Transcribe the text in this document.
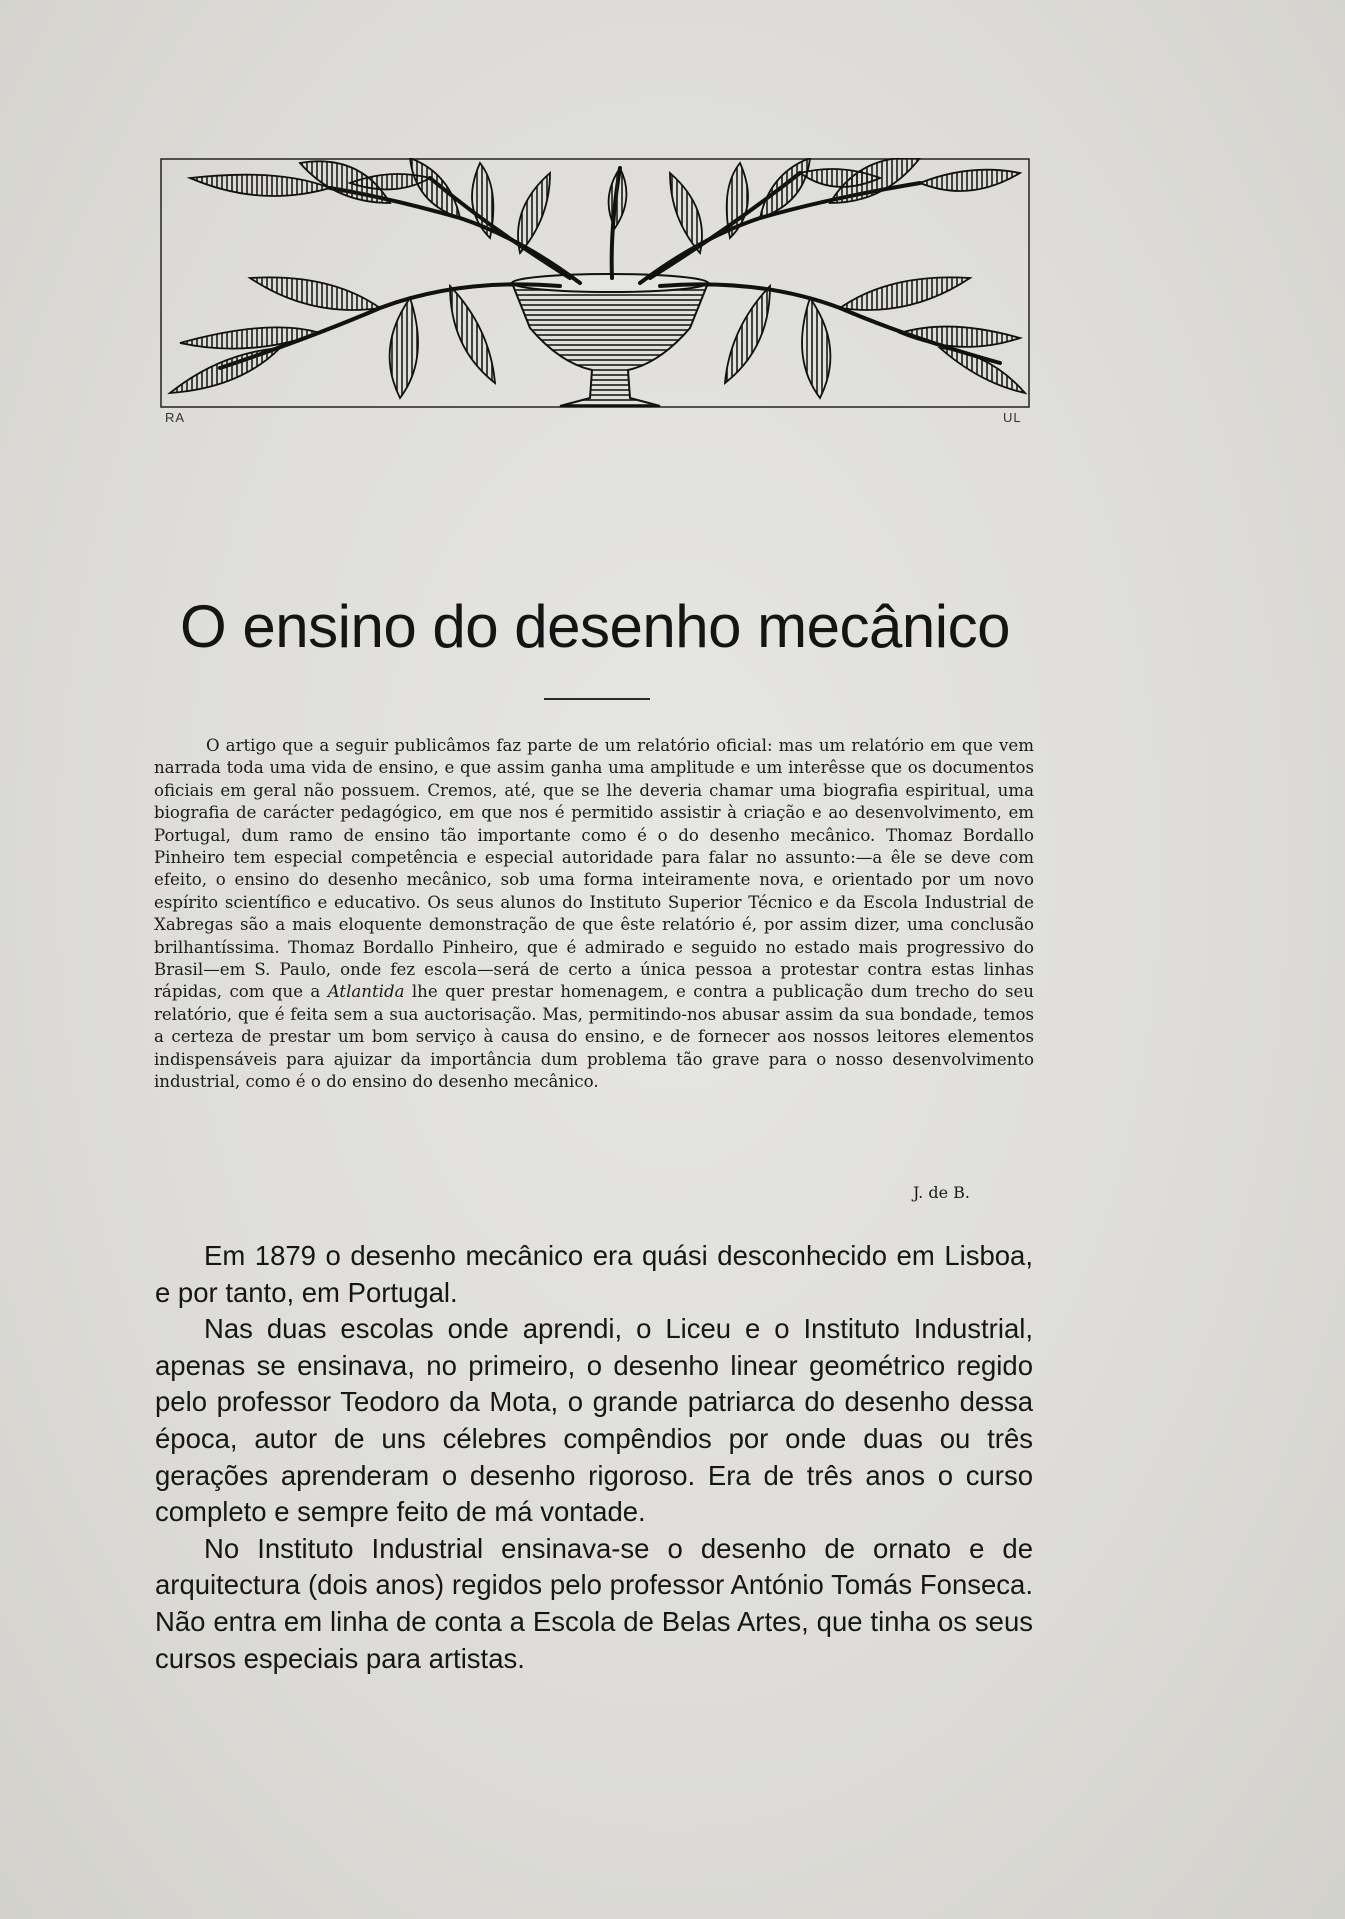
RA	UL
O ensino do desenho mecânico

O artigo que a seguir publicâmos faz parte de um relatório oficial: mas um relatório em que vem narrada toda uma vida de ensino, e que assim ganha uma amplitude e um interêsse que os documentos oficiais em geral não possuem. Cremos, até, que se lhe deveria chamar uma biografia espiritual, uma biografia de carácter pedagógico, em que nos é permitido assistir à criação e ao desenvolvimento, em Portugal, dum ramo de ensino tão importante como é o do desenho mecânico. Thomaz Bordallo Pinheiro tem especial competência e especial autoridade para falar no assunto:—a êle se deve com efeito, o ensino do desenho mecânico, sob uma forma inteiramente nova, e orientado por um novo espírito scientífico e educativo. Os seus alunos do Instituto Superior Técnico e da Escola Industrial de Xabregas são a mais eloquente demonstração de que êste relatório é, por assim dizer, uma conclusão brilhantíssima. Thomaz Bordallo Pinheiro, que é admirado e seguido no estado mais progressivo do Brasil—em S. Paulo, onde fez escola—será de certo a única pessoa a protestar contra estas linhas rápidas, com que a Atlantida lhe quer prestar homenagem, e contra a publicação dum trecho do seu relatório, que é feita sem a sua auctorisação. Mas, permitindo-nos abusar assim da sua bondade, temos a certeza de prestar um bom serviço à causa do ensino, e de fornecer aos nossos leitores elementos indispensáveis para ajuizar da importância dum problema tão grave para o nosso desenvolvimento industrial, como é o do ensino do desenho mecânico.

J. de B.

Em 1879 o desenho mecânico era quási desconhecido em Lisboa, e por tanto, em Portugal.

Nas duas escolas onde aprendi, o Liceu e o Instituto Industrial, apenas se ensinava, no primeiro, o desenho linear geométrico regido pelo professor Teodoro da Mota, o grande patriarca do desenho dessa época, autor de uns célebres compêndios por onde duas ou três gerações aprenderam o desenho rigoroso. Era de três anos o curso completo e sempre feito de má vontade.

No Instituto Industrial ensinava-se o desenho de ornato e de arquitectura (dois anos) regidos pelo professor António Tomás Fonseca. Não entra em linha de conta a Escola de Belas Artes, que tinha os seus cursos especiais para artistas.
